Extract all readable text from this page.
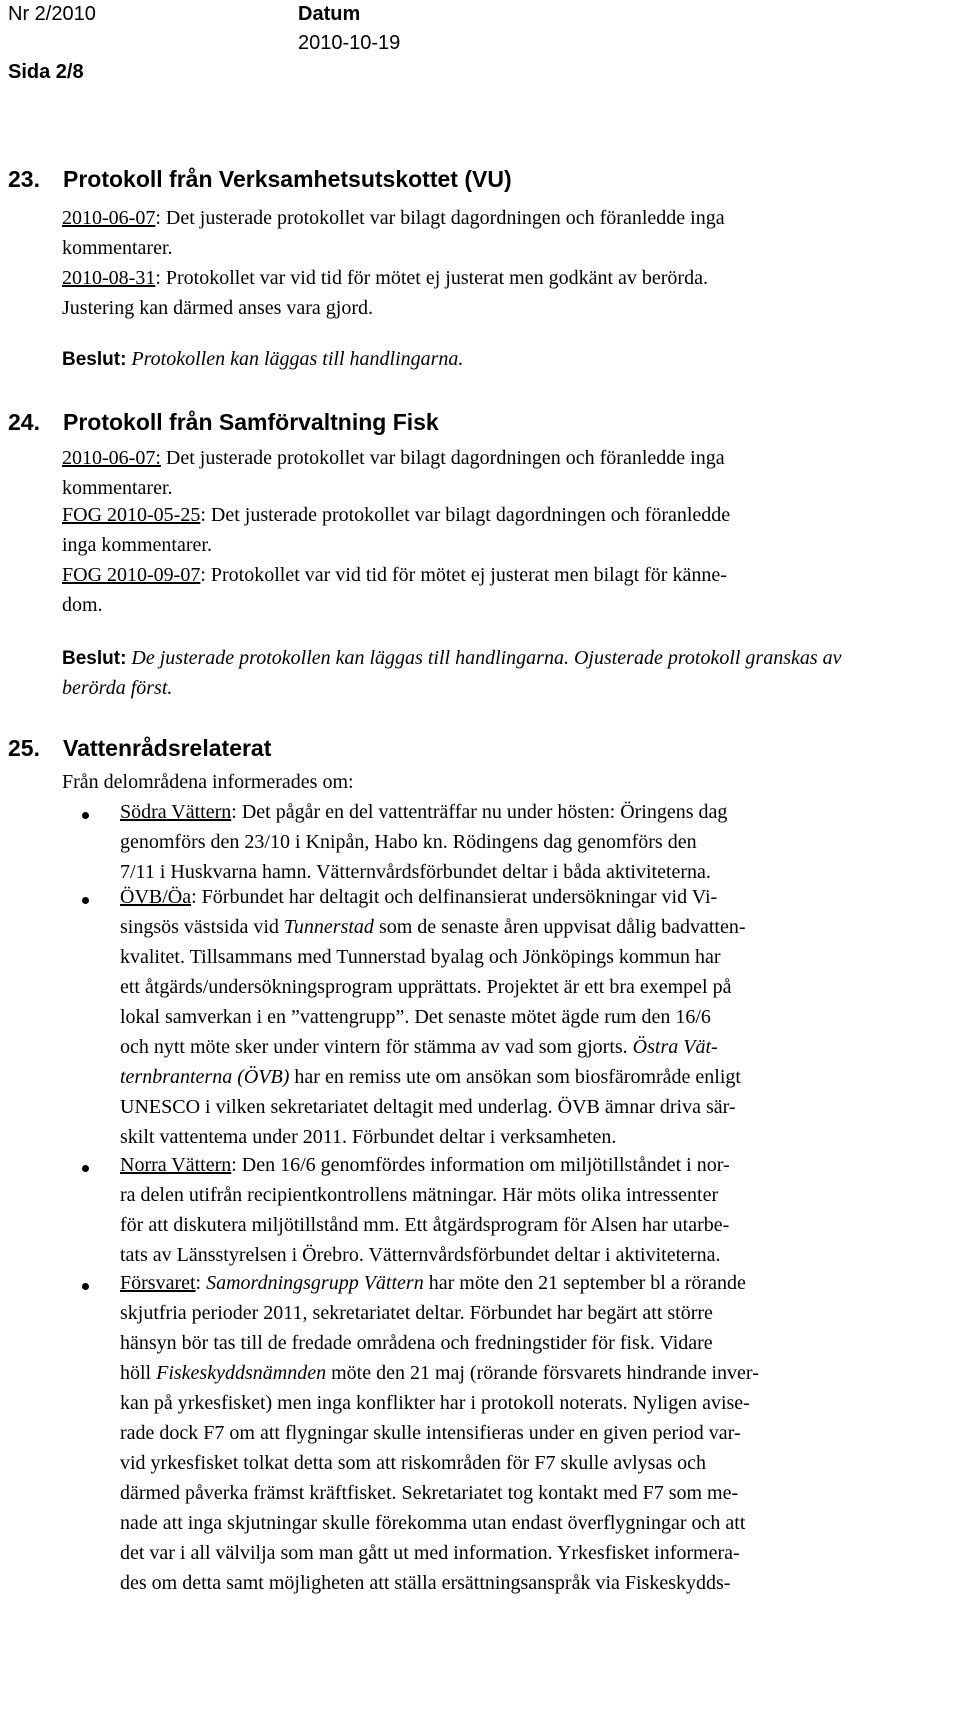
Nr 2/2010	Datum
2010-10-19
Sida 2/8
23. Protokoll från Verksamhetsutskottet (VU)
2010-06-07: Det justerade protokollet var bilagt dagordningen och föranledde inga
kommentarer.
2010-08-31: Protokollet var vid tid för mötet ej justerat men godkänt av berörda.
Justering kan därmed anses vara gjord.
Beslut: Protokollen kan läggas till handlingarna.
24. Protokoll från Samförvaltning Fisk
2010-06-07: Det justerade protokollet var bilagt dagordningen och föranledde inga
kommentarer.
FOG 2010-05-25: Det justerade protokollet var bilagt dagordningen och föranledde
inga kommentarer.
FOG 2010-09-07: Protokollet var vid tid för mötet ej justerat men bilagt för känne-
dom.
Beslut: De justerade protokollen kan läggas till handlingarna. Ojusterade protokoll granskas av
berörda först.
25. Vattenrådsrelaterat
Från delområdena informerades om:
Södra Vättern: Det pågår en del vattenträffar nu under hösten: Öringens dag
genomförs den 23/10 i Knipån, Habo kn. Rödingens dag genomförs den
7/11 i Huskvarna hamn. Vätternvårdsförbundet deltar i båda aktiviteterna.
ÖVB/Öa: Förbundet har deltagit och delfinansierat undersökningar vid Vi-
singsös västsida vid Tunnerstad som de senaste åren uppvisat dålig badvatten-
kvalitet. Tillsammans med Tunnerstad byalag och Jönköpings kommun har
ett åtgärds/undersökningsprogram upprättats. Projektet är ett bra exempel på
lokal samverkan i en ”vattengrupp”. Det senaste mötet ägde rum den 16/6
och nytt möte sker under vintern för stämma av vad som gjorts. Östra Vät-
ternbranterna (ÖVB) har en remiss ute om ansökan som biosfärområde enligt
UNESCO i vilken sekretariatet deltagit med underlag. ÖVB ämnar driva sär-
skilt vattentema under 2011. Förbundet deltar i verksamheten.
Norra Vättern: Den 16/6 genomfördes information om miljötillståndet i nor-
ra delen utifrån recipientkontrollens mätningar. Här möts olika intressenter
för att diskutera miljötillstånd mm. Ett åtgärdsprogram för Alsen har utarbe-
tats av Länsstyrelsen i Örebro. Vätternvårdsförbundet deltar i aktiviteterna.
Försvaret: Samordningsgrupp Vättern har möte den 21 september bl a rörande
skjutfria perioder 2011, sekretariatet deltar. Förbundet har begärt att större
hänsyn bör tas till de fredade områdena och fredningstider för fisk. Vidare
höll Fiskeskyddsnämnden möte den 21 maj (rörande försvarets hindrande inver-
kan på yrkesfisket) men inga konflikter har i protokoll noterats. Nyligen avise-
rade dock F7 om att flygningar skulle intensifieras under en given period var-
vid yrkesfisket tolkat detta som att riskområden för F7 skulle avlysas och
därmed påverka främst kräftfisket. Sekretariatet tog kontakt med F7 som me-
nade att inga skjutningar skulle förekomma utan endast överflygningar och att
det var i all välvilja som man gått ut med information. Yrkesfisket informera-
des om detta samt möjligheten att ställa ersättningsanspråk via Fiskeskydds-
